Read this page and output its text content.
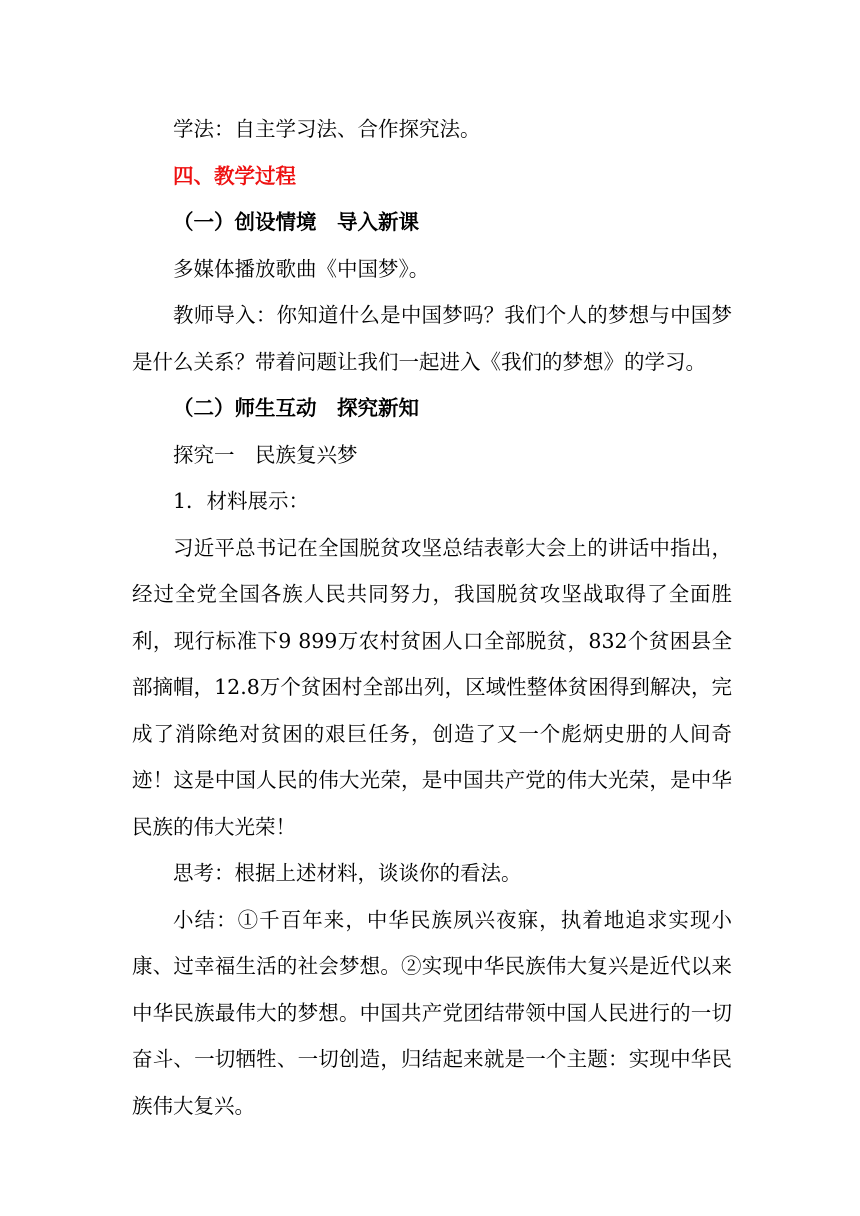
学法：自主学习法、合作探究法。

四、教学过程

（一）创设情境　导入新课

多媒体播放歌曲《中国梦》。

教师导入：你知道什么是中国梦吗？我们个人的梦想与中国梦是什么关系？带着问题让我们一起进入《我们的梦想》的学习。

（二）师生互动　探究新知

探究一　民族复兴梦

1．材料展示：

习近平总书记在全国脱贫攻坚总结表彰大会上的讲话中指出，经过全党全国各族人民共同努力，我国脱贫攻坚战取得了全面胜利，现行标准下9 899万农村贫困人口全部脱贫，832个贫困县全部摘帽，12.8万个贫困村全部出列，区域性整体贫困得到解决，完成了消除绝对贫困的艰巨任务，创造了又一个彪炳史册的人间奇迹！这是中国人民的伟大光荣，是中国共产党的伟大光荣，是中华民族的伟大光荣！

思考：根据上述材料，谈谈你的看法。

小结：①千百年来，中华民族夙兴夜寐，执着地追求实现小康、过幸福生活的社会梦想。②实现中华民族伟大复兴是近代以来中华民族最伟大的梦想。中国共产党团结带领中国人民进行的一切奋斗、一切牺牲、一切创造，归结起来就是一个主题：实现中华民族伟大复兴。
